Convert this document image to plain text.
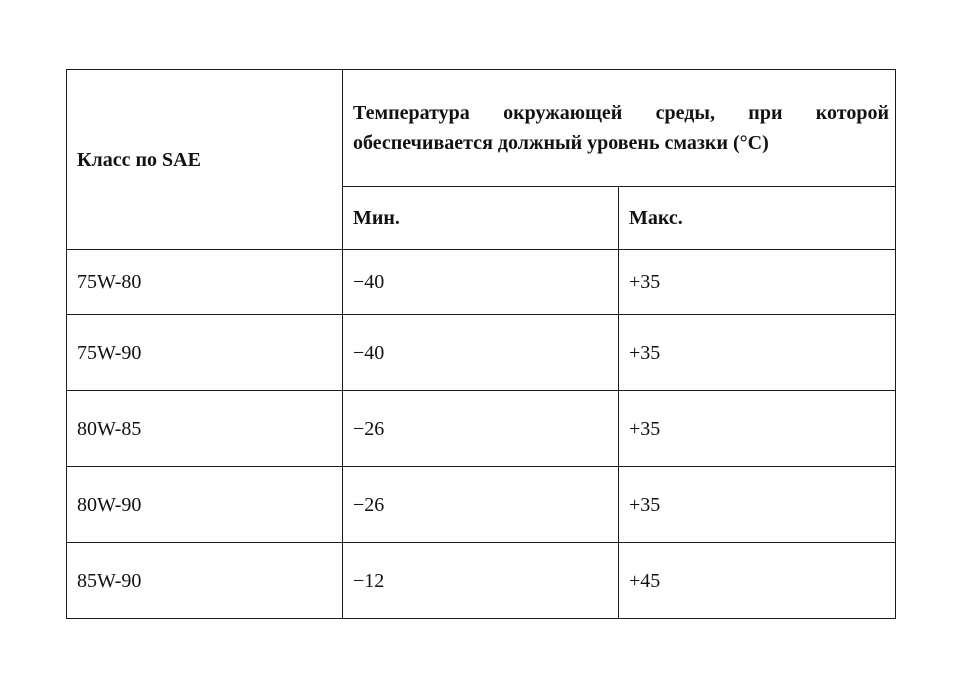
Класс по SAE	Температура окружающей среды, при которой обеспечивается должный уровень смазки (°С)	
	Мин.	Макс.
75W-80	−40	+35
75W-90	−40	+35
80W-85	−26	+35
80W-90	−26	+35
85W-90	−12	+45
